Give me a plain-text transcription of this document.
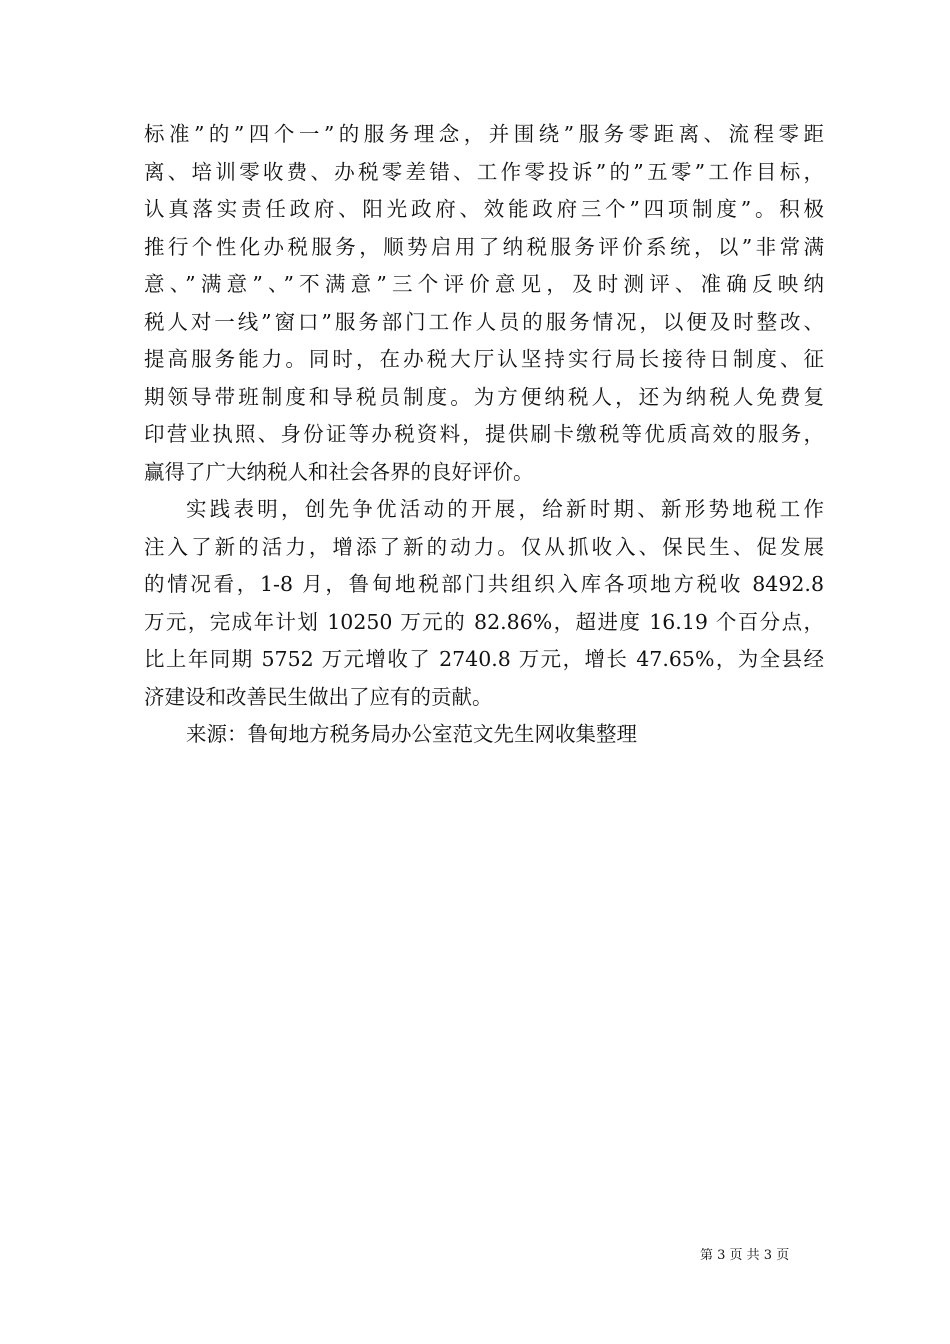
标准”的”四个一”的服务理念，并围绕”服务零距离、流程零距
离、培训零收费、办税零差错、工作零投诉”的”五零”工作目标，
认真落实责任政府、阳光政府、效能政府三个”四项制度”。积极
推行个性化办税服务，顺势启用了纳税服务评价系统，以”非常满
意、”满意”、”不满意”三个评价意见，及时测评、准确反映纳
税人对一线”窗口”服务部门工作人员的服务情况，以便及时整改、
提高服务能力。同时，在办税大厅认坚持实行局长接待日制度、征
期领导带班制度和导税员制度。为方便纳税人，还为纳税人免费复
印营业执照、身份证等办税资料，提供刷卡缴税等优质高效的服务，
赢得了广大纳税人和社会各界的良好评价。
实践表明，创先争优活动的开展，给新时期、新形势地税工作
注入了新的活力，增添了新的动力。仅从抓收入、保民生、促发展
的情况看，1-8 月，鲁甸地税部门共组织入库各项地方税收 8492.8
万元，完成年计划 10250 万元的 82.86%，超进度 16.19 个百分点，
比上年同期 5752 万元增收了 2740.8 万元，增长 47.65%，为全县经
济建设和改善民生做出了应有的贡献。
来源：鲁甸地方税务局办公室范文先生网收集整理
第 3 页 共 3 页
